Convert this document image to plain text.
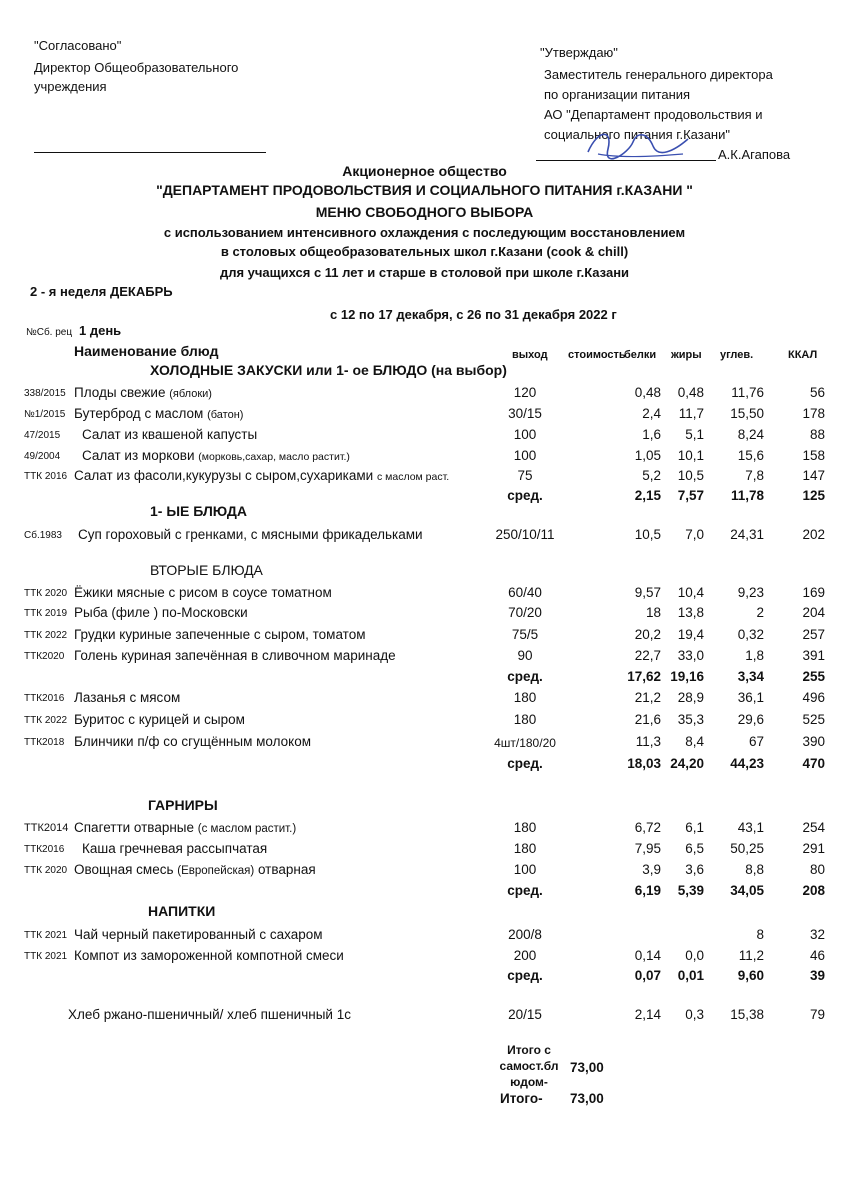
"Согласовано"
Директор Общеобразовательного
учреждения
"Утверждаю"
Заместитель генерального директора
по организации питания
АО "Департамент продовольствия и
социального питания г.Казани"
А.К.Агапова
Акционерное общество
"ДЕПАРТАМЕНТ ПРОДОВОЛЬСТВИЯ И СОЦИАЛЬНОГО ПИТАНИЯ г.КАЗАНИ "
МЕНЮ СВОБОДНОГО ВЫБОРА
с использованием интенсивного охлаждения с последующим восстановлением
в столовых общеобразовательных школ г.Казани (cook & chill)
для учащихся с 11 лет и старше в столовой при школе г.Казани
2 - я неделя ДЕКАБРЬ
с 12 по 17 декабря, с 26 по 31 декабря 2022 г
№Сб. рец 1 день
Наименование блюд	выход стоимость
белки жиры углев.	ККАЛ
ХОЛОДНЫЕ ЗАКУСКИ или 1- ое БЛЮДО (на выбор)
338/2015 Плоды свежие (яблоки)	120	0,48 0,48 11,76	56
№1/2015 Бутерброд с маслом (батон)	30/15	2,4 11,7 15,50	178
47/2015 Салат из квашеной капусты	100	1,6 5,1 8,24	88
49/2004 Салат из моркови (морковь,сахар, масло растит.)	100	1,05 10,1 15,6	158
ТТК 2016 Салат из фасоли,кукурузы с сыром,сухариками с маслом раст.	75	5,2 10,5	7,8	147
сред.	2,15 7,57 11,78	125
1- ЫЕ БЛЮДА
Сб.1983 Суп гороховый с гренками, с мясными фрикадельками	250/10/11	10,5 7,0 24,31	202
ВТОРЫЕ БЛЮДА
ТТК 2020 Ёжики мясные с рисом в соусе томатном	60/40	9,57 10,4 9,23	169
ТТК 2019 Рыба (филе ) по-Московски	70/20	18 13,8	2	204
ТТК 2022 Грудки куриные запеченные с сыром, томатом	75/5	20,2 19,4 0,32	257
ТТК2020 Голень куриная запечённая в сливочном маринаде	90	22,7 33,0	1,8	391
сред.	17,62 19,16 3,34	255
ТТК2016 Лазанья с мясом	180	21,2 28,9 36,1	496
ТТК 2022 Буритос с курицей и сыром	180	21,6 35,3 29,6	525
ТТК2018 Блинчики п/ф со сгущённым молоком	4шт/180/20	11,3 8,4	67	390
сред.	18,03 24,20 44,23	470
ГАРНИРЫ
ТТК2014 Спагетти отварные (с маслом растит.)	180	6,72 6,1 43,1	254
ТТК2016 Каша гречневая рассыпчатая	180	7,95 6,5 50,25	291
ТТК 2020 Овощная смесь (Европейская) отварная	100	3,9 3,6	8,8	80
сред.	6,19 5,39 34,05	208
НАПИТКИ
ТТК 2021 Чай черный пакетированный с сахаром	200/8	8	32
ТТК 2021 Компот из замороженной компотной смеси	200	0,14 0,0	11,2	46
сред.	0,07 0,01 9,60	39
Хлеб ржано-пшеничный/ хлеб пшеничный 1с	20/15	2,14 0,3 15,38	79
Итого с
самост.бл
юдом-
73,00
Итого- 73,00
